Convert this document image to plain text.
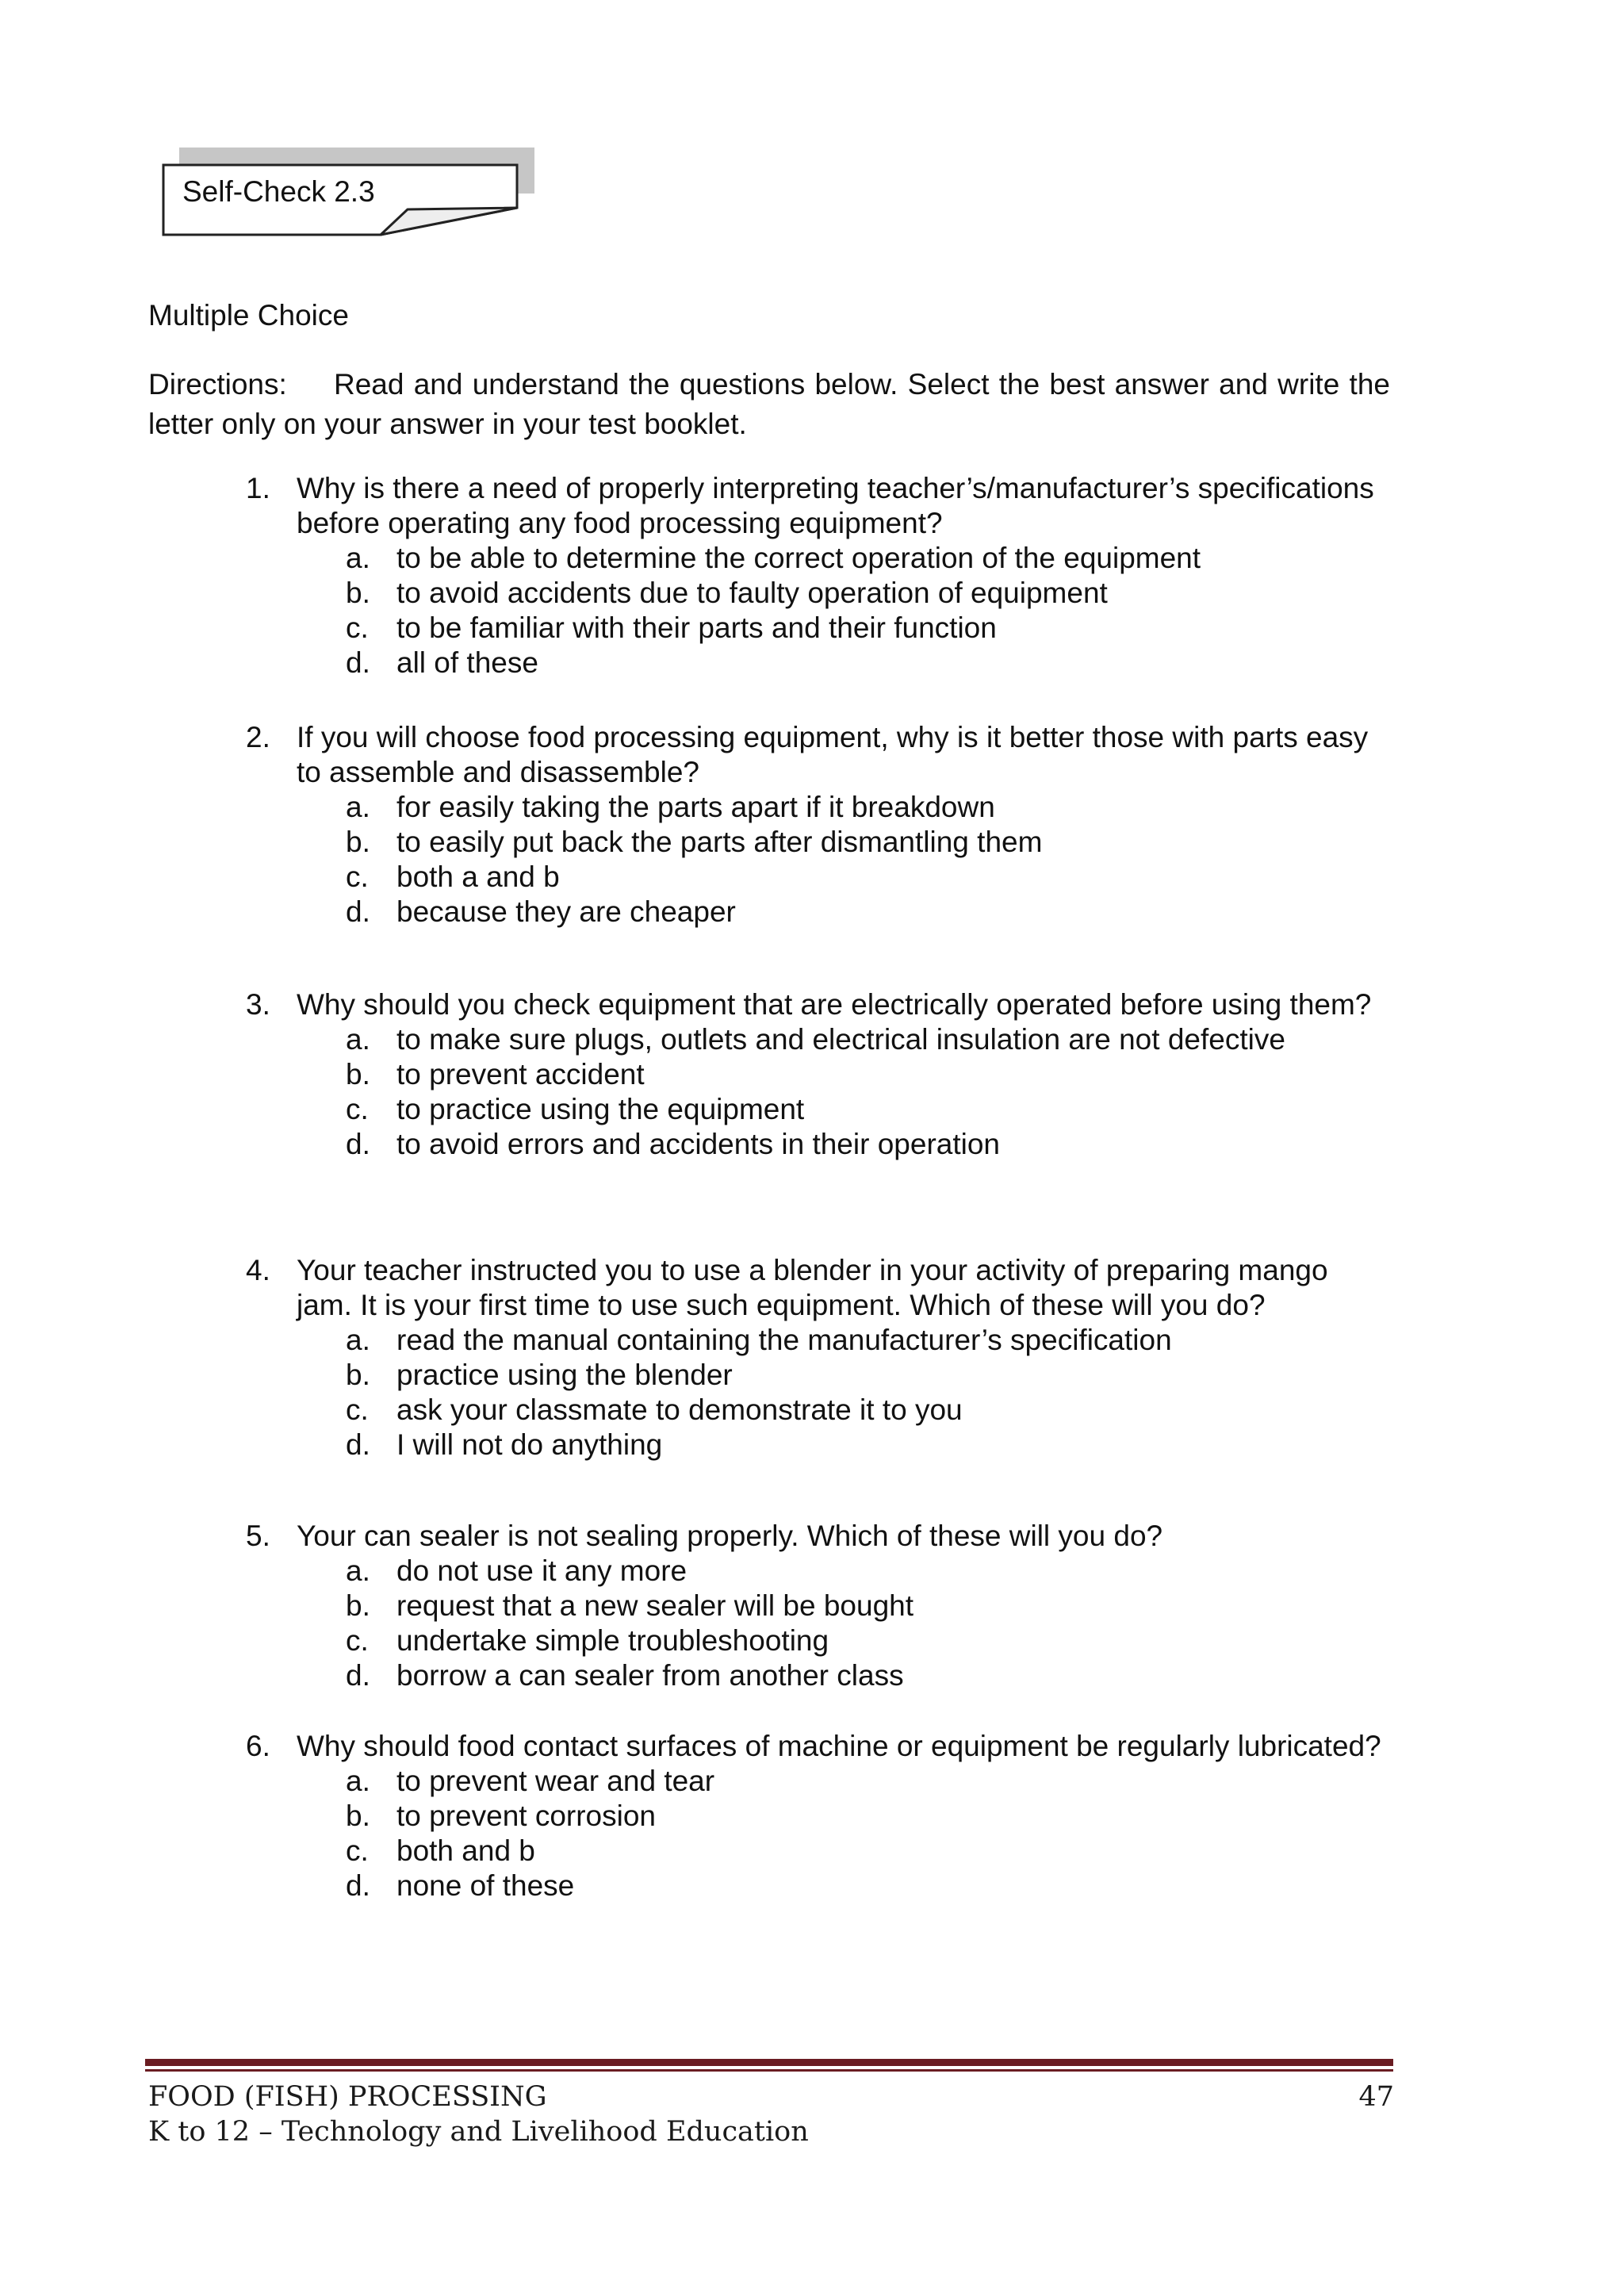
Self-Check 2.3
Multiple Choice
Directions: Read and understand the questions below. Select the best answer and write the letter only on your answer in your test booklet.
1. Why is there a need of properly interpreting teacher’s/manufacturer’s specifications before operating any food processing equipment?
a. to be able to determine the correct operation of the equipment
b. to avoid accidents due to faulty operation of equipment
c. to be familiar with their parts and their function
d. all of these
2. If you will choose food processing equipment, why is it better those with parts easy to assemble and disassemble?
a. for easily taking the parts apart if it breakdown
b. to easily put back the parts after dismantling them
c. both a and b
d. because they are cheaper
3. Why should you check equipment that are electrically operated before using them?
a. to make sure plugs, outlets and electrical insulation are not defective
b. to prevent accident
c. to practice using the equipment
d. to avoid errors and accidents in their operation
4. Your teacher instructed you to use a blender in your activity of preparing mango jam. It is your first time to use such equipment. Which of these will you do?
a. read the manual containing the manufacturer’s specification
b. practice using the blender
c. ask your classmate to demonstrate it to you
d. I will not do anything
5. Your can sealer is not sealing properly. Which of these will you do?
a. do not use it any more
b. request that a new sealer will be bought
c. undertake simple troubleshooting
d. borrow a can sealer from another class
6. Why should food contact surfaces of machine or equipment be regularly lubricated?
a. to prevent wear and tear
b. to prevent corrosion
c. both and b
d. none of these
FOOD (FISH) PROCESSING
K to 12 – Technology and Livelihood Education
47
